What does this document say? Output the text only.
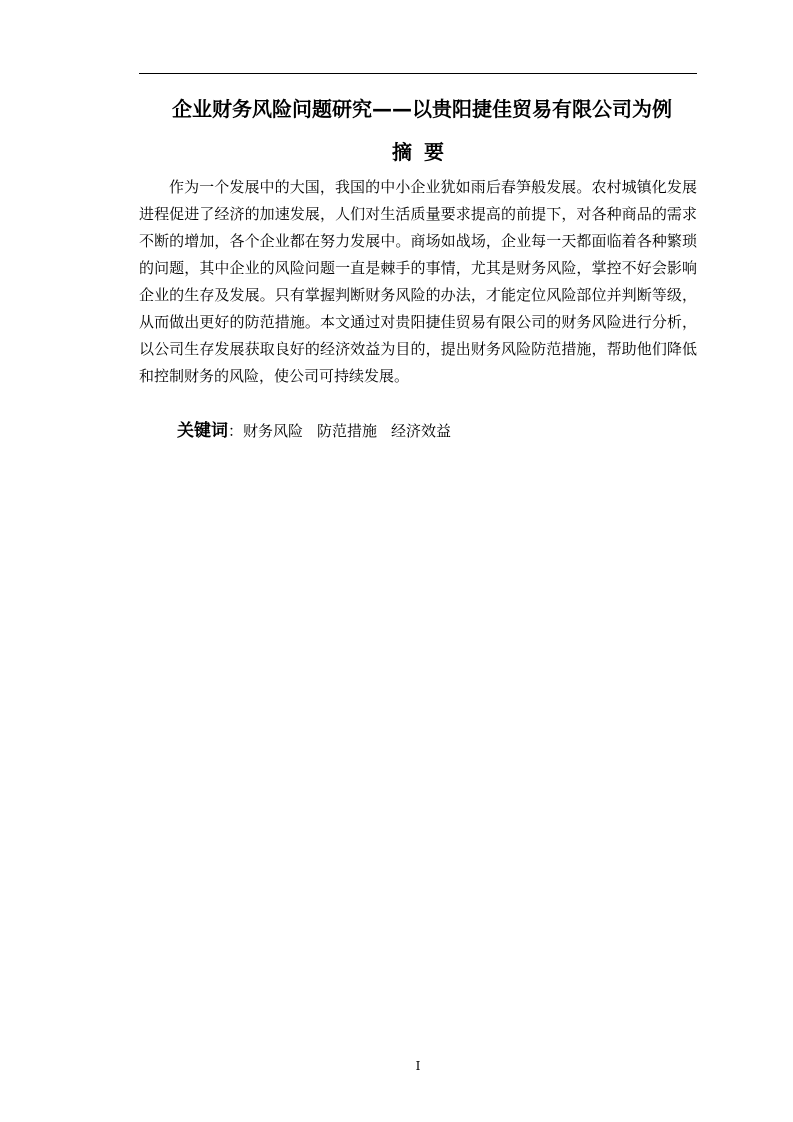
企业财务风险问题研究——以贵阳捷佳贸易有限公司为例
摘要

作为一个发展中的大国，我国的中小企业犹如雨后春笋般发展。农村城镇化发展进程促进了经济的加速发展，人们对生活质量要求提高的前提下，对各种商品的需求不断的增加，各个企业都在努力发展中。商场如战场，企业每一天都面临着各种繁琐的问题，其中企业的风险问题一直是棘手的事情，尤其是财务风险，掌控不好会影响企业的生存及发展。只有掌握判断财务风险的办法，才能定位风险部位并判断等级，从而做出更好的防范措施。本文通过对贵阳捷佳贸易有限公司的财务风险进行分析，以公司生存发展获取良好的经济效益为目的，提出财务风险防范措施，帮助他们降低和控制财务的风险，使公司可持续发展。

关键词：财务风险 防范措施 经济效益
I
